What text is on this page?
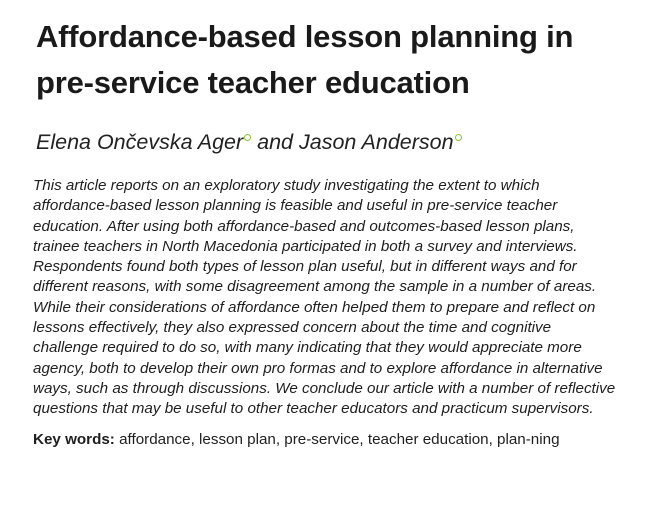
Affordance-based lesson planning in
pre-service teacher education

Elena Ončevska Ager and Jason Anderson

This article reports on an exploratory study investigating the extent to which affordance-based lesson planning is feasible and useful in pre-service teacher education. After using both affordance-based and outcomes-based lesson plans, trainee teachers in North Macedonia participated in both a survey and interviews. Respondents found both types of lesson plan useful, but in different ways and for different reasons, with some disagreement among the sample in a number of areas. While their considerations of affordance often helped them to prepare and reflect on lessons effectively, they also expressed concern about the time and cognitive challenge required to do so, with many indicating that they would appreciate more agency, both to develop their own pro formas and to explore affordance in alternative ways, such as through discussions. We conclude our article with a number of reflective questions that may be useful to other teacher educators and practicum supervisors.

Key words: affordance, lesson plan, pre-service, teacher education, plan-ning
